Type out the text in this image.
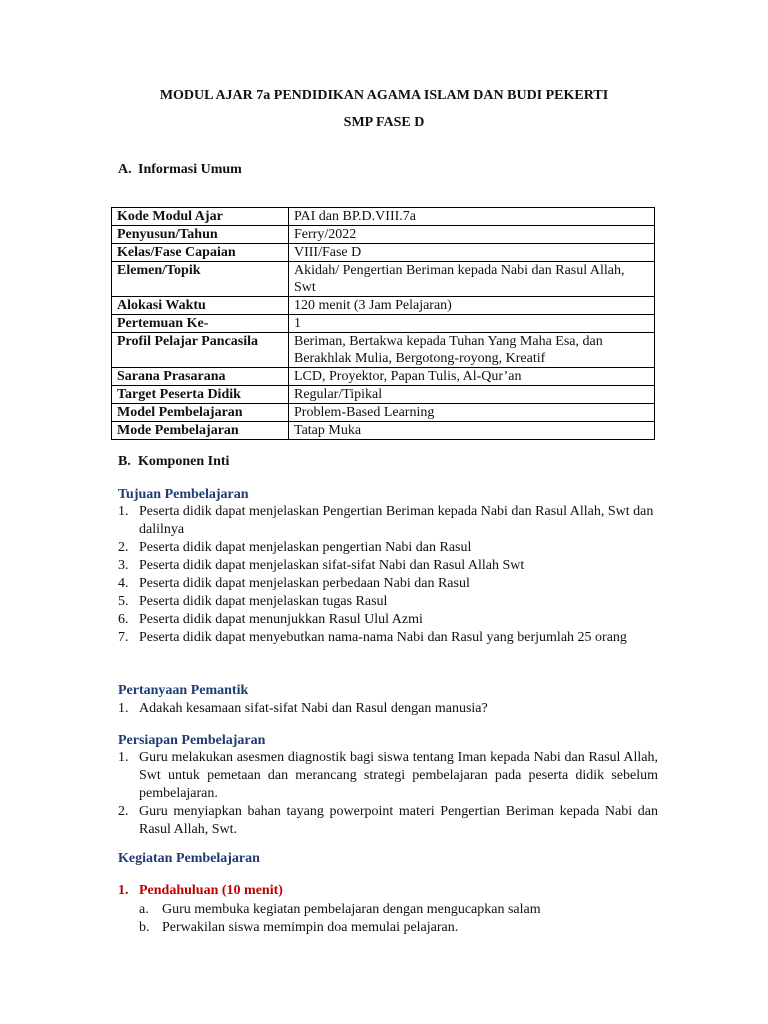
MODUL AJAR 7a PENDIDIKAN AGAMA ISLAM DAN BUDI PEKERTI
SMP FASE D
A. Informasi Umum
Kode Modul Ajar	PAI dan BP.D.VIII.7a
Penyusun/Tahun	Ferry/2022
Kelas/Fase Capaian	VIII/Fase D
Elemen/Topik	Akidah/ Pengertian Beriman kepada Nabi dan Rasul Allah, Swt
Alokasi Waktu	120 menit (3 Jam Pelajaran)
Pertemuan Ke-	1
Profil Pelajar Pancasila	Beriman, Bertakwa kepada Tuhan Yang Maha Esa, dan Berakhlak Mulia, Bergotong-royong, Kreatif
Sarana Prasarana	LCD, Proyektor, Papan Tulis, Al-Qur’an
Target Peserta Didik	Regular/Tipikal
Model Pembelajaran	Problem-Based Learning
Mode Pembelajaran	Tatap Muka
B. Komponen Inti
Tujuan Pembelajaran
1. Peserta didik dapat menjelaskan Pengertian Beriman kepada Nabi dan Rasul Allah, Swt dan dalilnya
2. Peserta didik dapat menjelaskan pengertian Nabi dan Rasul
3. Peserta didik dapat menjelaskan sifat-sifat Nabi dan Rasul Allah Swt
4. Peserta didik dapat menjelaskan perbedaan Nabi dan Rasul
5. Peserta didik dapat menjelaskan tugas Rasul
6. Peserta didik dapat menunjukkan Rasul Ulul Azmi
7. Peserta didik dapat menyebutkan nama-nama Nabi dan Rasul yang berjumlah 25 orang
Pertanyaan Pemantik
1. Adakah kesamaan sifat-sifat Nabi dan Rasul dengan manusia?
Persiapan Pembelajaran
1. Guru melakukan asesmen diagnostik bagi siswa tentang Iman kepada Nabi dan Rasul Allah, Swt untuk pemetaan dan merancang strategi pembelajaran pada peserta didik sebelum pembelajaran.
2. Guru menyiapkan bahan tayang powerpoint materi Pengertian Beriman kepada Nabi dan Rasul Allah, Swt.
Kegiatan Pembelajaran
1. Pendahuluan (10 menit)
a. Guru membuka kegiatan pembelajaran dengan mengucapkan salam
b. Perwakilan siswa memimpin doa memulai pelajaran.
